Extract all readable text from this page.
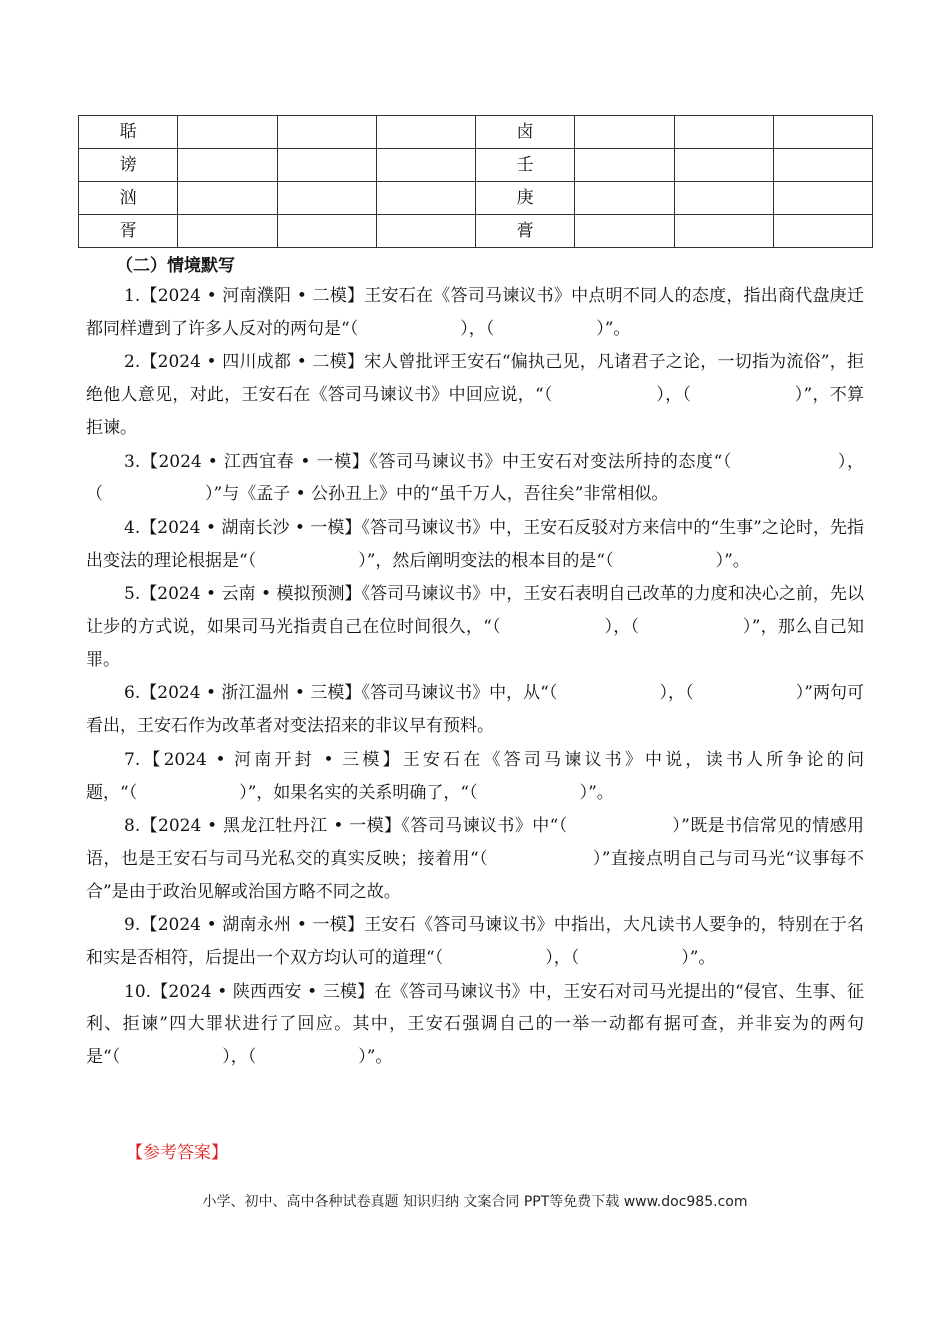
聒				卤			
谤				壬			
汹				庚			
胥				膏			
（二）情境默写

1.【2024 • 河南濮阳 • 二模】王安石在《答司马谏议书》中点明不同人的态度，指出商代盘庚迁都同样遭到了许多人反对的两句是“（　　　　　　），（　　　　　　）”。

2.【2024 • 四川成都 • 二模】宋人曾批评王安石“偏执己见，凡诸君子之论，一切指为流俗”，拒绝他人意见，对此，王安石在《答司马谏议书》中回应说，“（　　　　　　），（　　　　　　）”，不算拒谏。

3.【2024 • 江西宜春 • 一模】《答司马谏议书》中王安石对变法所持的态度“（　　　　　　），（　　　　　　）”与《孟子 • 公孙丑上》中的“虽千万人，吾往矣”非常相似。

4.【2024 • 湖南长沙 • 一模】《答司马谏议书》中，王安石反驳对方来信中的“生事”之论时，先指出变法的理论根据是“（　　　　　　）”，然后阐明变法的根本目的是“（　　　　　　）”。

5.【2024 • 云南 • 模拟预测】《答司马谏议书》中，王安石表明自己改革的力度和决心之前，先以让步的方式说，如果司马光指责自己在位时间很久，“（　　　　　　），（　　　　　　）”，那么自己知罪。

6.【2024 • 浙江温州 • 三模】《答司马谏议书》中，从“（　　　　　　），（　　　　　　）”两句可看出，王安石作为改革者对变法招来的非议早有预料。

7.【2024 • 河南开封 • 三模】王安石在《答司马谏议书》中说，读书人所争论的问题，“（　　　　　　）”，如果名实的关系明确了，“（　　　　　　）”。

8.【2024 • 黑龙江牡丹江 • 一模】《答司马谏议书》中“（　　　　　　）”既是书信常见的情感用语，也是王安石与司马光私交的真实反映；接着用“（　　　　　　）”直接点明自己与司马光“议事每不合”是由于政治见解或治国方略不同之故。

9.【2024 • 湖南永州 • 一模】王安石《答司马谏议书》中指出，大凡读书人要争的，特别在于名和实是否相符，后提出一个双方均认可的道理“（　　　　　　），（　　　　　　）”。

10.【2024 • 陕西西安 • 三模】在《答司马谏议书》中，王安石对司马光提出的“侵官、生事、征利、拒谏”四大罪状进行了回应。其中，王安石强调自己的一举一动都有据可查，并非妄为的两句是“（　　　　　　），（　　　　　　）”。

【参考答案】
小学、初中、高中各种试卷真题 知识归纳 文案合同 PPT等免费下载 www.doc985.com
